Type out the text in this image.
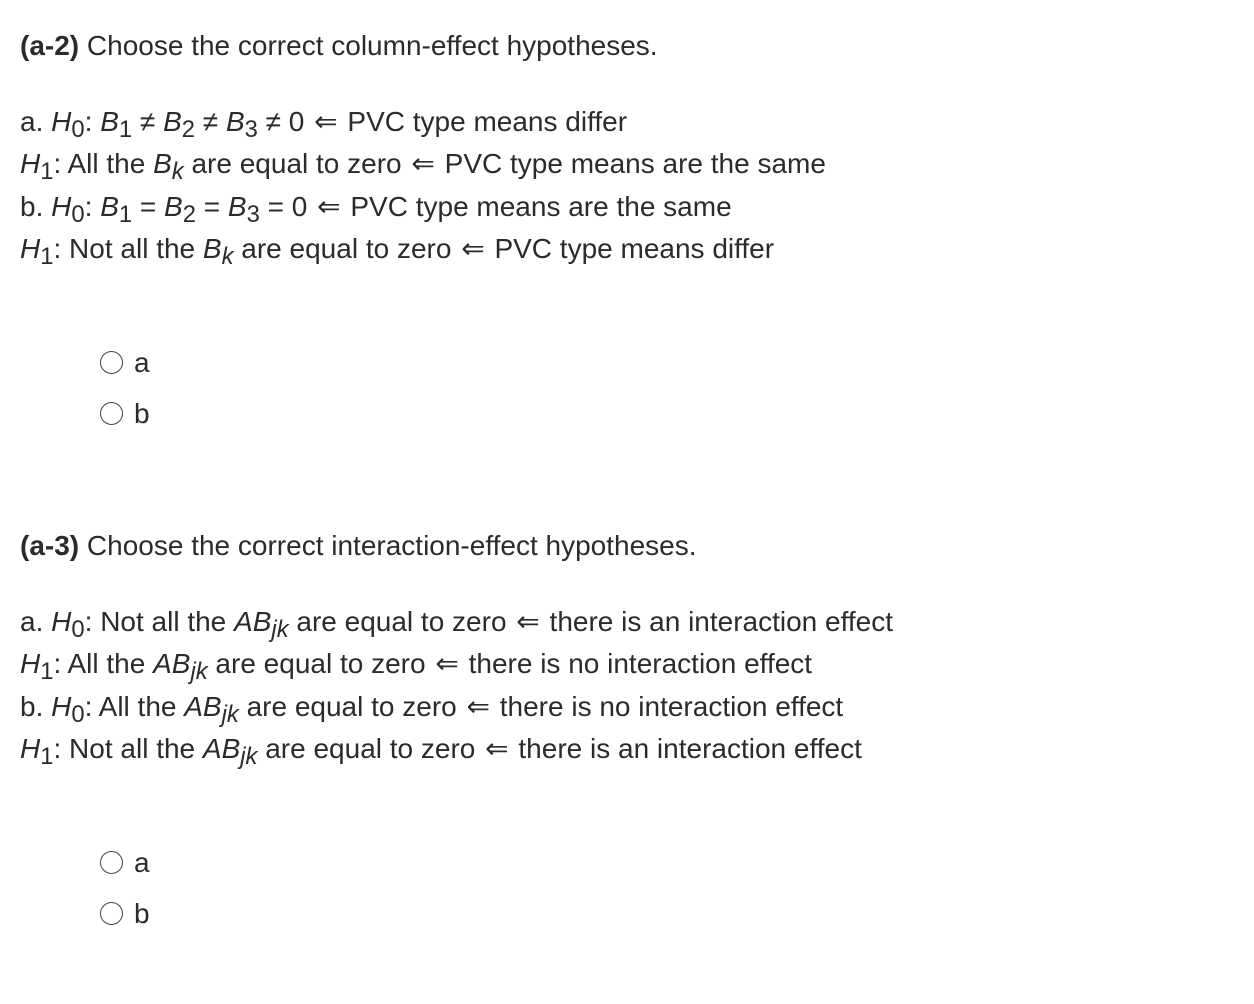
(a-2) Choose the correct column-effect hypotheses.

a. $H_0$: $B_1 \ne B_2 \ne B_3 \ne 0$ ⇐ PVC type means differ
$H_1$: All the $B_k$ are equal to zero ⇐ PVC type means are the same
b. $H_0$: $B_1 = B_2 = B_3 = 0$ ⇐ PVC type means are the same
$H_1$: Not all the $B_k$ are equal to zero ⇐ PVC type means differ
a
b

(a-3) Choose the correct interaction-effect hypotheses.

a. $H_0$: Not all the $AB_{jk}$ are equal to zero ⇐ there is an interaction effect
$H_1$: All the $AB_{jk}$ are equal to zero ⇐ there is no interaction effect
b. $H_0$: All the $AB_{jk}$ are equal to zero ⇐ there is no interaction effect
$H_1$: Not all the $AB_{jk}$ are equal to zero ⇐ there is an interaction effect
a
b
